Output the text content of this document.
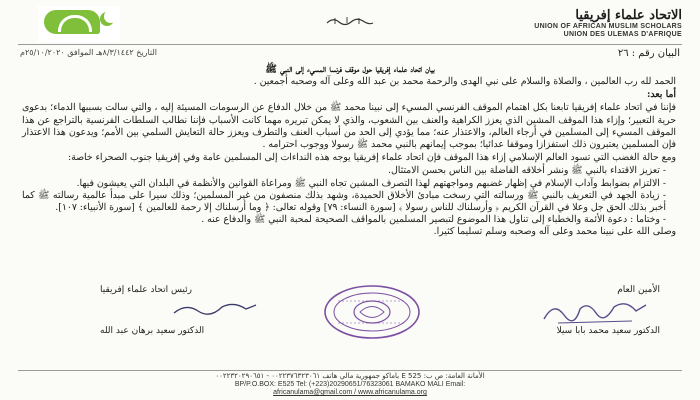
الاتحاد علماء إفريقيا
UNION OF AFRICAN MUSLIM SCHOLARS
UNION DES ULEMAS D'AFRIQUE
البيان رقم : ٢٦
التاريخ ٨/٣/١٤٤٢هـ الموافق ٢٥/١٠/٢٠٢٠م
بيان اتحاد علماء إفريقيا حول موقف فرنسا المسيء إلى النبي ﷺ

الحمد لله رب العالمين ، والصلاة والسلام على نبي الهدى والرحمة محمد بن عبد الله وعلى آله وصحبه أجمعين .

أما بعد:

فإننا في اتحاد علماء إفريقيا تابعنا بكل اهتمام الموقف الفرنسي المسيء إلى نبينا محمد ﷺ من خلال الدفاع عن الرسومات المسيئة إليه ، والتي سالت بسببها الدماء؛ بدعوى حرية التعبير؛ وإزاء هذا الموقف المشين الذي يعزز الكراهية والعنف بين الشعوب، والذي لا يمكن تبريره مهما كانت الأسباب فإننا نطالب السلطات الفرنسية بالتراجع عن هذا الموقف المسيء إلى المسلمين في أرجاء العالم، والاعتذار عنه؛ مما يؤدي إلى الحد من أسباب العنف والتطرف ويعزز حالة التعايش السلمي بين الأمم؛ ويدعون هذا الاعتذار فإن المسلمين يعتبرون ذلك استفزازا وموقفا عدائيا؛ بموجب إيمانهم بالنبي محمد ﷺ رسولا ووجوب احترامه .

ومع حالة الغضب التي تسود العالم الإسلامي إزاء هذا الموقف فإن اتحاد علماء إفريقيا يوجه هذه النداءات إلى المسلمين عامة وفي إفريقيا جنوب الصحراء خاصة:

- تعزيز الاقتداء بالنبي ﷺ ونشر أخلاقه الفاضلة بين الناس بحسن الامتثال.
- الالتزام بضوابط وآداب الإسلام في إظهار غضبهم ومواجهتهم لهذا التصرف المشين تجاه النبي ﷺ ومراعاة القوانين والأنظمة في البلدان التي يعيشون فيها.
- زيادة الجهد في التعريف بالنبي ﷺ ورسالته التي رسخت مبادئ الأخلاق الحميدة، وشهد بذلك منصفون من غير المسلمين؛ وذلك سيرا على مبدأ عالمية رسالته ﷺ كما أخبر بذلك الحق جل وعلا في القرآن الكريم ﴿ وأرسلناك للناس رسولا ﴾ [سورة النساء: ٧٩] وقوله تعالى: ﴿ وما أرسلناك إلا رحمة للعالمين ﴾ [سورة الأنبياء: ١٠٧].
- وختاما : دعوة الأئمة والخطباء إلى تناول هذا الموضوع لتبصير المسلمين بالمواقف الصحيحة لمحبة النبي ﷺ والدفاع عنه .

وصلى الله على نبينا محمد وعلى آله وصحبه وسلم تسليما كثيرا.

الأمين العام
رئيس اتحاد علماء إفريقيا
الدكتور سعيد محمد بابا سيلا
الدكتور سعيد برهان عبد الله
الأمانة العامة: ص ب: E 525 باماكو جمهورية مالي هاتف ٠٠٢٢٣٧٦٣٢٣٠٦١ - ٠٠٢٢٣٢٠٢٩٠٦٥١
BP/P.O.BOX: E525 Tel: (+223)20290651/76323061 BAMAKO MALI Email:
africanulama@gmail.com / www.africanulama.org
